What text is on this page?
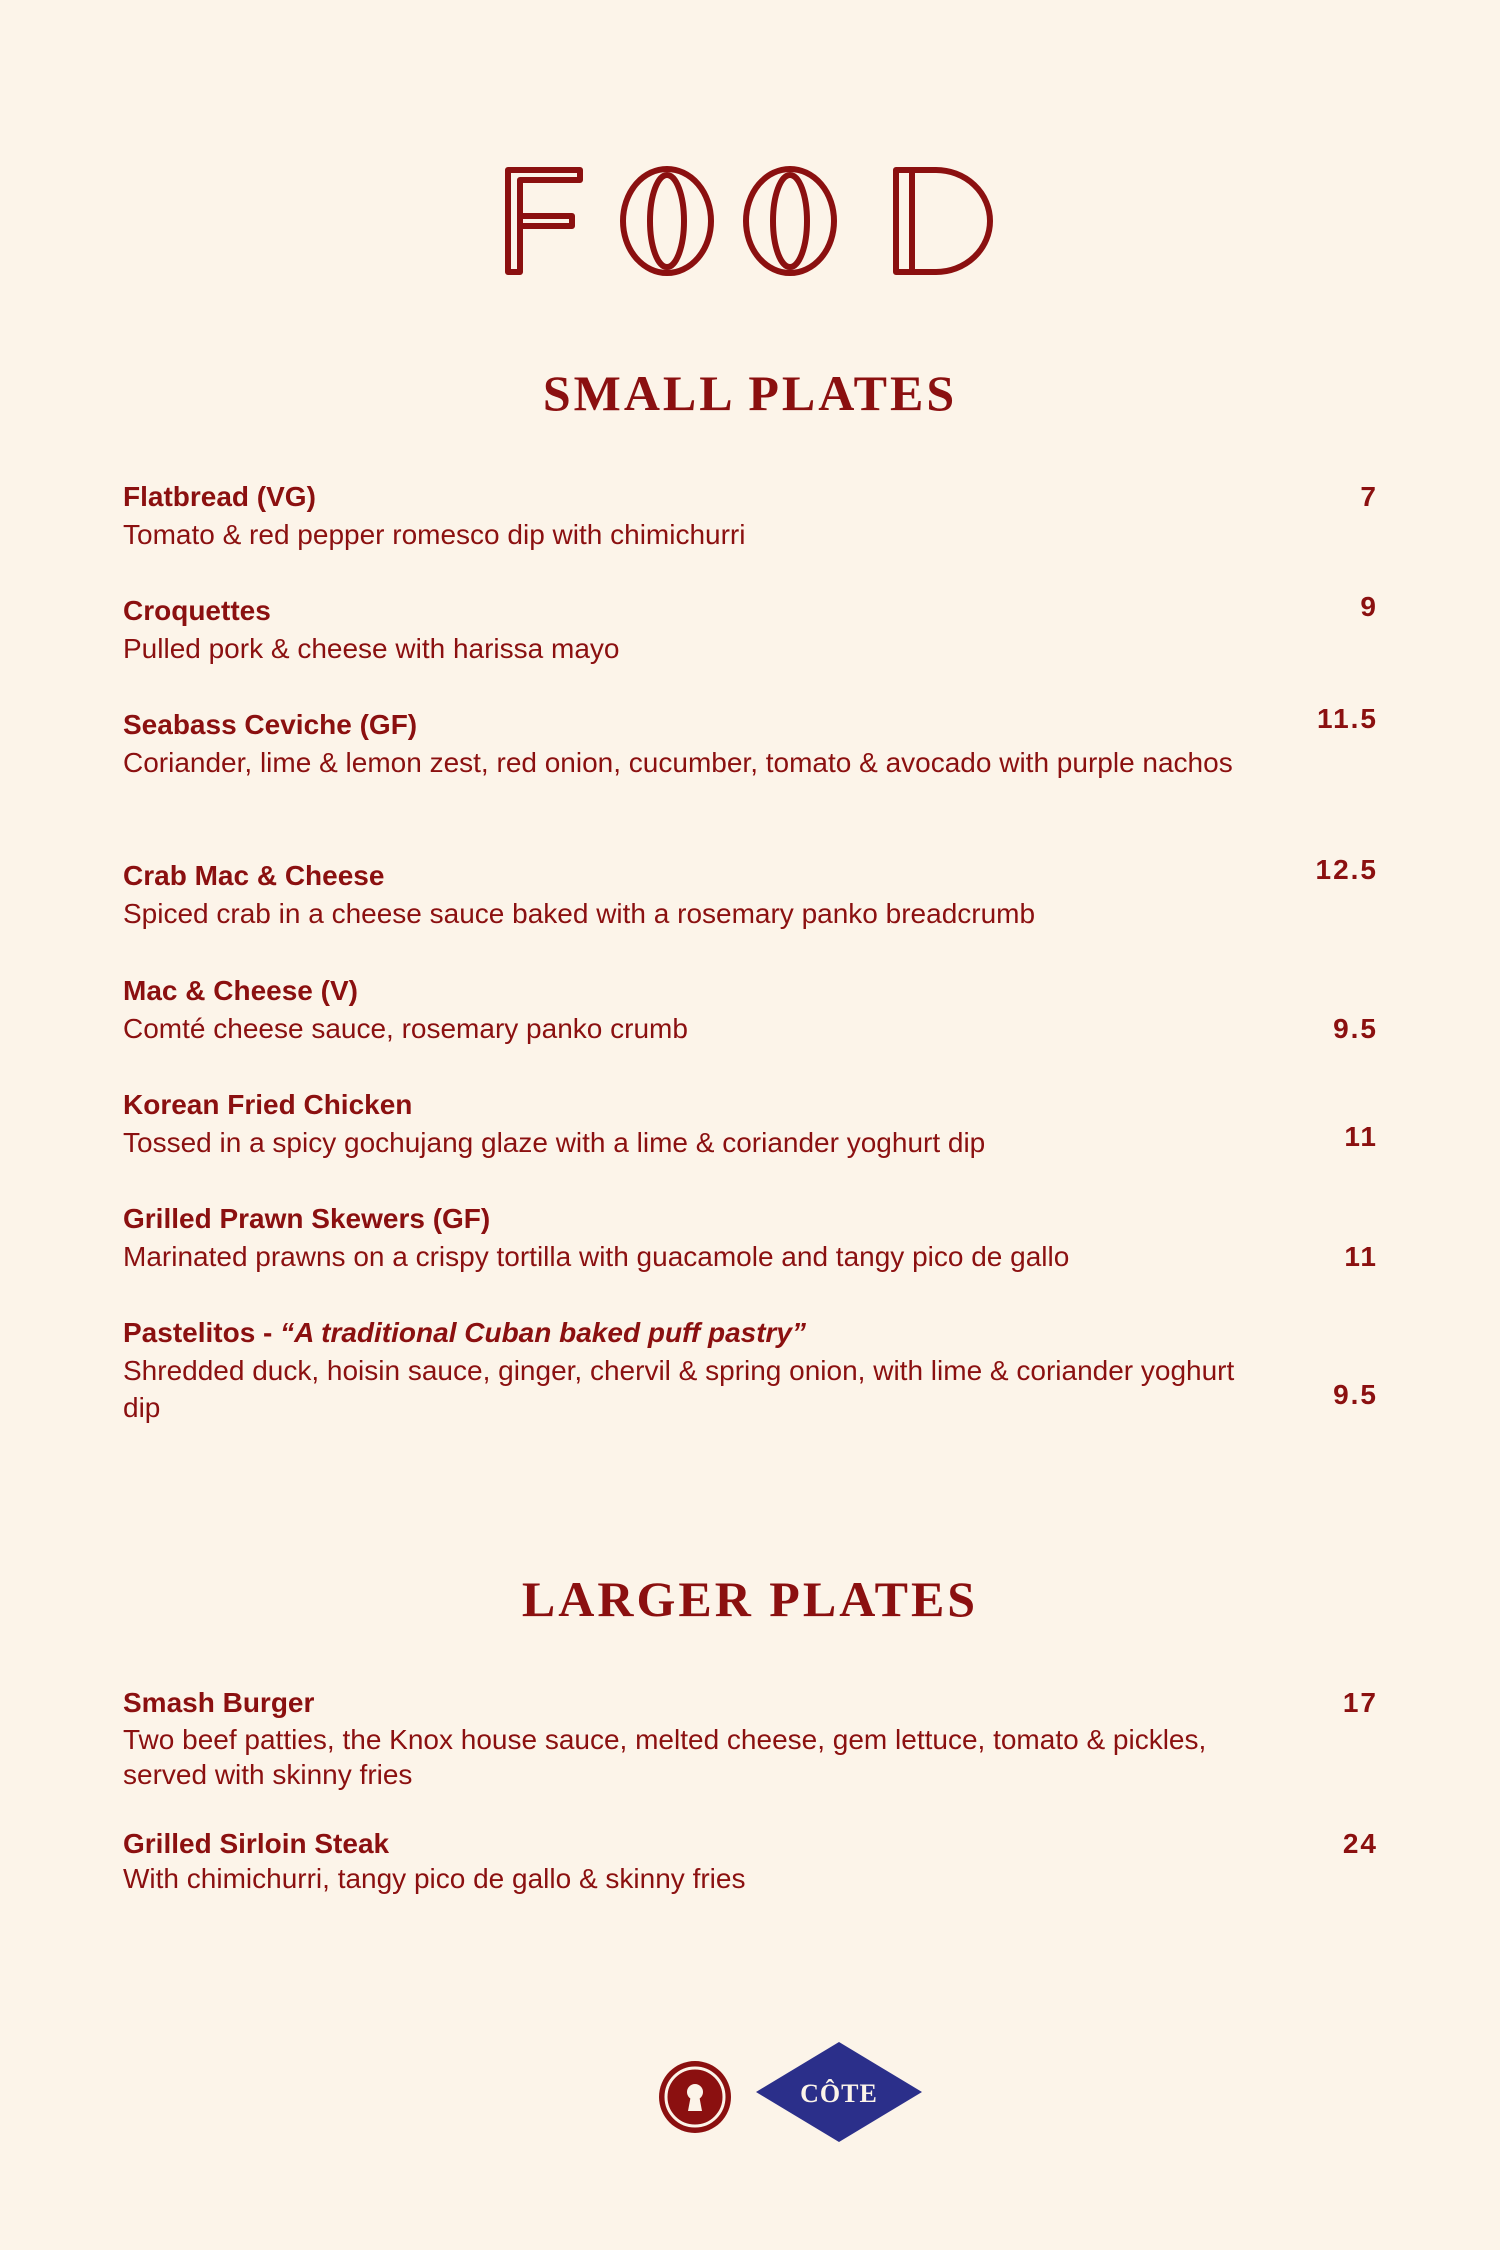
FOOD
SMALL PLATES
Flatbread (VG)
Tomato & red pepper romesco dip with chimichurri
7
Croquettes
Pulled pork & cheese with harissa mayo
9
Seabass Ceviche (GF)
Coriander, lime & lemon zest, red onion, cucumber, tomato & avocado with purple nachos
11.5
Crab Mac & Cheese
Spiced crab in a cheese sauce baked with a rosemary panko breadcrumb
12.5
Mac & Cheese (V)
Comté cheese sauce, rosemary panko crumb	9.5
Korean Fried Chicken
Tossed in a spicy gochujang glaze with a lime & coriander yoghurt dip	11
Grilled Prawn Skewers (GF)
Marinated prawns on a crispy tortilla with guacamole and tangy pico de gallo	11
Pastelitos - “A traditional Cuban baked puff pastry”
Shredded duck, hoisin sauce, ginger, chervil & spring onion, with lime & coriander yoghurt dip	9.5
LARGER PLATES
Smash Burger
Two beef patties, the Knox house sauce, melted cheese, gem lettuce, tomato & pickles, served with skinny fries
17
Grilled Sirloin Steak
With chimichurri, tangy pico de gallo & skinny fries
24
CÔTE
